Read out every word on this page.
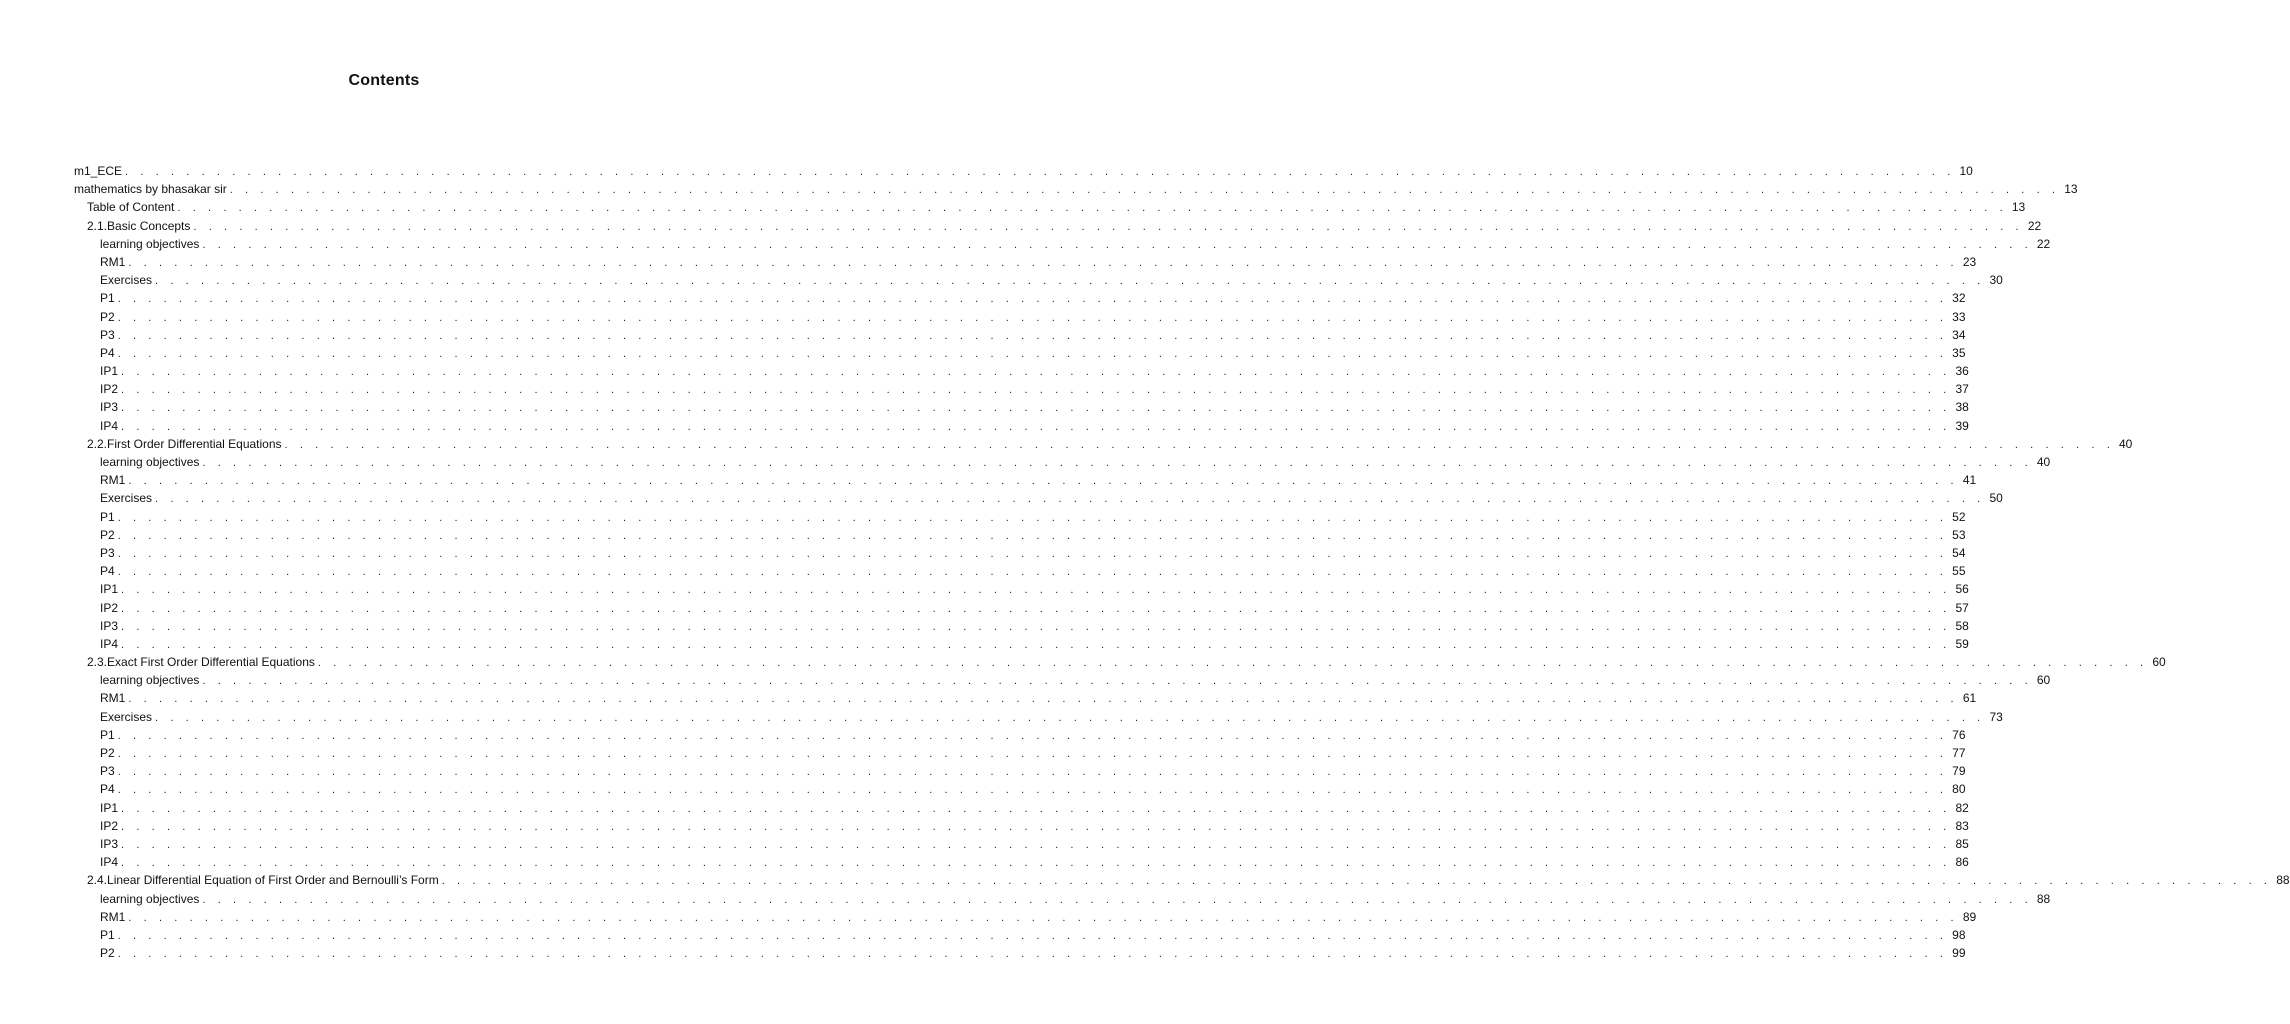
Contents
m1_ECE . . . . . . . . . . . . . . . . . . . . . . . . . . . . . . . . . . . . . . . . . . . . . . . . . . . . . . . . . . . . . . . . . . . . . . . . . . . . . . . . . . . . . . . . . . . . . . . . . . . . . . . . . . . . . . . . . . . . . . . . 10
mathematics by bhasakar sir . . . . . . . . . . . . . . . . . . . . . . . . . . . . . . . . . . . . . . . . . . . . . . . . . . . . . . . . . . . . . . . . . . . . . . . . . . . . . . . . . . . . . . . . . . . . . . . . . . . . . . . . . . . . . . . . . . . . . . . . 13
Table of Content . . . . . . . . . . . . . . . . . . . . . . . . . . . . . . . . . . . . . . . . . . . . . . . . . . . . . . . . . . . . . . . . . . . . . . . . . . . . . . . . . . . . . . . . . . . . . . . . . . . . . . . . . . . . . . . . . . . . . . . . 13
2.1.Basic Concepts . . . . . . . . . . . . . . . . . . . . . . . . . . . . . . . . . . . . . . . . . . . . . . . . . . . . . . . . . . . . . . . . . . . . . . . . . . . . . . . . . . . . . . . . . . . . . . . . . . . . . . . . . . . . . . . . . . . . . . . . 22
learning objectives . . . . . . . . . . . . . . . . . . . . . . . . . . . . . . . . . . . . . . . . . . . . . . . . . . . . . . . . . . . . . . . . . . . . . . . . . . . . . . . . . . . . . . . . . . . . . . . . . . . . . . . . . . . . . . . . . . . . . . . . 22
RM1 . . . . . . . . . . . . . . . . . . . . . . . . . . . . . . . . . . . . . . . . . . . . . . . . . . . . . . . . . . . . . . . . . . . . . . . . . . . . . . . . . . . . . . . . . . . . . . . . . . . . . . . . . . . . . . . . . . . . . . . . 23
Exercises . . . . . . . . . . . . . . . . . . . . . . . . . . . . . . . . . . . . . . . . . . . . . . . . . . . . . . . . . . . . . . . . . . . . . . . . . . . . . . . . . . . . . . . . . . . . . . . . . . . . . . . . . . . . . . . . . . . . . . . . 30
P1 . . . . . . . . . . . . . . . . . . . . . . . . . . . . . . . . . . . . . . . . . . . . . . . . . . . . . . . . . . . . . . . . . . . . . . . . . . . . . . . . . . . . . . . . . . . . . . . . . . . . . . . . . . . . . . . . . . . . . . . . 32
P2 . . . . . . . . . . . . . . . . . . . . . . . . . . . . . . . . . . . . . . . . . . . . . . . . . . . . . . . . . . . . . . . . . . . . . . . . . . . . . . . . . . . . . . . . . . . . . . . . . . . . . . . . . . . . . . . . . . . . . . . . 33
P3 . . . . . . . . . . . . . . . . . . . . . . . . . . . . . . . . . . . . . . . . . . . . . . . . . . . . . . . . . . . . . . . . . . . . . . . . . . . . . . . . . . . . . . . . . . . . . . . . . . . . . . . . . . . . . . . . . . . . . . . . 34
P4 . . . . . . . . . . . . . . . . . . . . . . . . . . . . . . . . . . . . . . . . . . . . . . . . . . . . . . . . . . . . . . . . . . . . . . . . . . . . . . . . . . . . . . . . . . . . . . . . . . . . . . . . . . . . . . . . . . . . . . . . 35
IP1 . . . . . . . . . . . . . . . . . . . . . . . . . . . . . . . . . . . . . . . . . . . . . . . . . . . . . . . . . . . . . . . . . . . . . . . . . . . . . . . . . . . . . . . . . . . . . . . . . . . . . . . . . . . . . . . . . . . . . . . . 36
IP2 . . . . . . . . . . . . . . . . . . . . . . . . . . . . . . . . . . . . . . . . . . . . . . . . . . . . . . . . . . . . . . . . . . . . . . . . . . . . . . . . . . . . . . . . . . . . . . . . . . . . . . . . . . . . . . . . . . . . . . . . 37
IP3 . . . . . . . . . . . . . . . . . . . . . . . . . . . . . . . . . . . . . . . . . . . . . . . . . . . . . . . . . . . . . . . . . . . . . . . . . . . . . . . . . . . . . . . . . . . . . . . . . . . . . . . . . . . . . . . . . . . . . . . . 38
IP4 . . . . . . . . . . . . . . . . . . . . . . . . . . . . . . . . . . . . . . . . . . . . . . . . . . . . . . . . . . . . . . . . . . . . . . . . . . . . . . . . . . . . . . . . . . . . . . . . . . . . . . . . . . . . . . . . . . . . . . . . 39
2.2.First Order Differential Equations . . . . . . . . . . . . . . . . . . . . . . . . . . . . . . . . . . . . . . . . . . . . . . . . . . . . . . . . . . . . . . . . . . . . . . . . . . . . . . . . . . . . . . . . . . . . . . . . . . . . . . . . . . . . . . . . . . . . . . . . 40
learning objectives . . . . . . . . . . . . . . . . . . . . . . . . . . . . . . . . . . . . . . . . . . . . . . . . . . . . . . . . . . . . . . . . . . . . . . . . . . . . . . . . . . . . . . . . . . . . . . . . . . . . . . . . . . . . . . . . . . . . . . . . 40
RM1 . . . . . . . . . . . . . . . . . . . . . . . . . . . . . . . . . . . . . . . . . . . . . . . . . . . . . . . . . . . . . . . . . . . . . . . . . . . . . . . . . . . . . . . . . . . . . . . . . . . . . . . . . . . . . . . . . . . . . . . . 41
Exercises . . . . . . . . . . . . . . . . . . . . . . . . . . . . . . . . . . . . . . . . . . . . . . . . . . . . . . . . . . . . . . . . . . . . . . . . . . . . . . . . . . . . . . . . . . . . . . . . . . . . . . . . . . . . . . . . . . . . . . . . 50
P1 . . . . . . . . . . . . . . . . . . . . . . . . . . . . . . . . . . . . . . . . . . . . . . . . . . . . . . . . . . . . . . . . . . . . . . . . . . . . . . . . . . . . . . . . . . . . . . . . . . . . . . . . . . . . . . . . . . . . . . . . 52
P2 . . . . . . . . . . . . . . . . . . . . . . . . . . . . . . . . . . . . . . . . . . . . . . . . . . . . . . . . . . . . . . . . . . . . . . . . . . . . . . . . . . . . . . . . . . . . . . . . . . . . . . . . . . . . . . . . . . . . . . . . 53
P3 . . . . . . . . . . . . . . . . . . . . . . . . . . . . . . . . . . . . . . . . . . . . . . . . . . . . . . . . . . . . . . . . . . . . . . . . . . . . . . . . . . . . . . . . . . . . . . . . . . . . . . . . . . . . . . . . . . . . . . . . 54
P4 . . . . . . . . . . . . . . . . . . . . . . . . . . . . . . . . . . . . . . . . . . . . . . . . . . . . . . . . . . . . . . . . . . . . . . . . . . . . . . . . . . . . . . . . . . . . . . . . . . . . . . . . . . . . . . . . . . . . . . . . 55
IP1 . . . . . . . . . . . . . . . . . . . . . . . . . . . . . . . . . . . . . . . . . . . . . . . . . . . . . . . . . . . . . . . . . . . . . . . . . . . . . . . . . . . . . . . . . . . . . . . . . . . . . . . . . . . . . . . . . . . . . . . . 56
IP2 . . . . . . . . . . . . . . . . . . . . . . . . . . . . . . . . . . . . . . . . . . . . . . . . . . . . . . . . . . . . . . . . . . . . . . . . . . . . . . . . . . . . . . . . . . . . . . . . . . . . . . . . . . . . . . . . . . . . . . . . 57
IP3 . . . . . . . . . . . . . . . . . . . . . . . . . . . . . . . . . . . . . . . . . . . . . . . . . . . . . . . . . . . . . . . . . . . . . . . . . . . . . . . . . . . . . . . . . . . . . . . . . . . . . . . . . . . . . . . . . . . . . . . . 58
IP4 . . . . . . . . . . . . . . . . . . . . . . . . . . . . . . . . . . . . . . . . . . . . . . . . . . . . . . . . . . . . . . . . . . . . . . . . . . . . . . . . . . . . . . . . . . . . . . . . . . . . . . . . . . . . . . . . . . . . . . . . 59
2.3.Exact First Order Differential Equations . . . . . . . . . . . . . . . . . . . . . . . . . . . . . . . . . . . . . . . . . . . . . . . . . . . . . . . . . . . . . . . . . . . . . . . . . . . . . . . . . . . . . . . . . . . . . . . . . . . . . . . . . . . . . . . . . . . . . . . . 60
learning objectives . . . . . . . . . . . . . . . . . . . . . . . . . . . . . . . . . . . . . . . . . . . . . . . . . . . . . . . . . . . . . . . . . . . . . . . . . . . . . . . . . . . . . . . . . . . . . . . . . . . . . . . . . . . . . . . . . . . . . . . . 60
RM1 . . . . . . . . . . . . . . . . . . . . . . . . . . . . . . . . . . . . . . . . . . . . . . . . . . . . . . . . . . . . . . . . . . . . . . . . . . . . . . . . . . . . . . . . . . . . . . . . . . . . . . . . . . . . . . . . . . . . . . . . 61
Exercises . . . . . . . . . . . . . . . . . . . . . . . . . . . . . . . . . . . . . . . . . . . . . . . . . . . . . . . . . . . . . . . . . . . . . . . . . . . . . . . . . . . . . . . . . . . . . . . . . . . . . . . . . . . . . . . . . . . . . . . . 73
P1 . . . . . . . . . . . . . . . . . . . . . . . . . . . . . . . . . . . . . . . . . . . . . . . . . . . . . . . . . . . . . . . . . . . . . . . . . . . . . . . . . . . . . . . . . . . . . . . . . . . . . . . . . . . . . . . . . . . . . . . . 76
P2 . . . . . . . . . . . . . . . . . . . . . . . . . . . . . . . . . . . . . . . . . . . . . . . . . . . . . . . . . . . . . . . . . . . . . . . . . . . . . . . . . . . . . . . . . . . . . . . . . . . . . . . . . . . . . . . . . . . . . . . . 77
P3 . . . . . . . . . . . . . . . . . . . . . . . . . . . . . . . . . . . . . . . . . . . . . . . . . . . . . . . . . . . . . . . . . . . . . . . . . . . . . . . . . . . . . . . . . . . . . . . . . . . . . . . . . . . . . . . . . . . . . . . . 79
P4 . . . . . . . . . . . . . . . . . . . . . . . . . . . . . . . . . . . . . . . . . . . . . . . . . . . . . . . . . . . . . . . . . . . . . . . . . . . . . . . . . . . . . . . . . . . . . . . . . . . . . . . . . . . . . . . . . . . . . . . . 80
IP1 . . . . . . . . . . . . . . . . . . . . . . . . . . . . . . . . . . . . . . . . . . . . . . . . . . . . . . . . . . . . . . . . . . . . . . . . . . . . . . . . . . . . . . . . . . . . . . . . . . . . . . . . . . . . . . . . . . . . . . . . 82
IP2 . . . . . . . . . . . . . . . . . . . . . . . . . . . . . . . . . . . . . . . . . . . . . . . . . . . . . . . . . . . . . . . . . . . . . . . . . . . . . . . . . . . . . . . . . . . . . . . . . . . . . . . . . . . . . . . . . . . . . . . . 83
IP3 . . . . . . . . . . . . . . . . . . . . . . . . . . . . . . . . . . . . . . . . . . . . . . . . . . . . . . . . . . . . . . . . . . . . . . . . . . . . . . . . . . . . . . . . . . . . . . . . . . . . . . . . . . . . . . . . . . . . . . . . 85
IP4 . . . . . . . . . . . . . . . . . . . . . . . . . . . . . . . . . . . . . . . . . . . . . . . . . . . . . . . . . . . . . . . . . . . . . . . . . . . . . . . . . . . . . . . . . . . . . . . . . . . . . . . . . . . . . . . . . . . . . . . . 86
2.4.Linear Differential Equation of First Order and Bernoulli’s Form . . . . . . . . . . . . . . . . . . . . . . . . . . . . . . . . . . . . . . . . . . . . . . . . . . . . . . . . . . . . . . . . . . . . . . . . . . . . . . . . . . . . . . . . . . . . . . . . . . . . . . . . . . . . . . . . . . . . . . . . 88
learning objectives . . . . . . . . . . . . . . . . . . . . . . . . . . . . . . . . . . . . . . . . . . . . . . . . . . . . . . . . . . . . . . . . . . . . . . . . . . . . . . . . . . . . . . . . . . . . . . . . . . . . . . . . . . . . . . . . . . . . . . . . 88
RM1 . . . . . . . . . . . . . . . . . . . . . . . . . . . . . . . . . . . . . . . . . . . . . . . . . . . . . . . . . . . . . . . . . . . . . . . . . . . . . . . . . . . . . . . . . . . . . . . . . . . . . . . . . . . . . . . . . . . . . . . . 89
P1 . . . . . . . . . . . . . . . . . . . . . . . . . . . . . . . . . . . . . . . . . . . . . . . . . . . . . . . . . . . . . . . . . . . . . . . . . . . . . . . . . . . . . . . . . . . . . . . . . . . . . . . . . . . . . . . . . . . . . . . . 98
P2 . . . . . . . . . . . . . . . . . . . . . . . . . . . . . . . . . . . . . . . . . . . . . . . . . . . . . . . . . . . . . . . . . . . . . . . . . . . . . . . . . . . . . . . . . . . . . . . . . . . . . . . . . . . . . . . . . . . . . . . . 99
